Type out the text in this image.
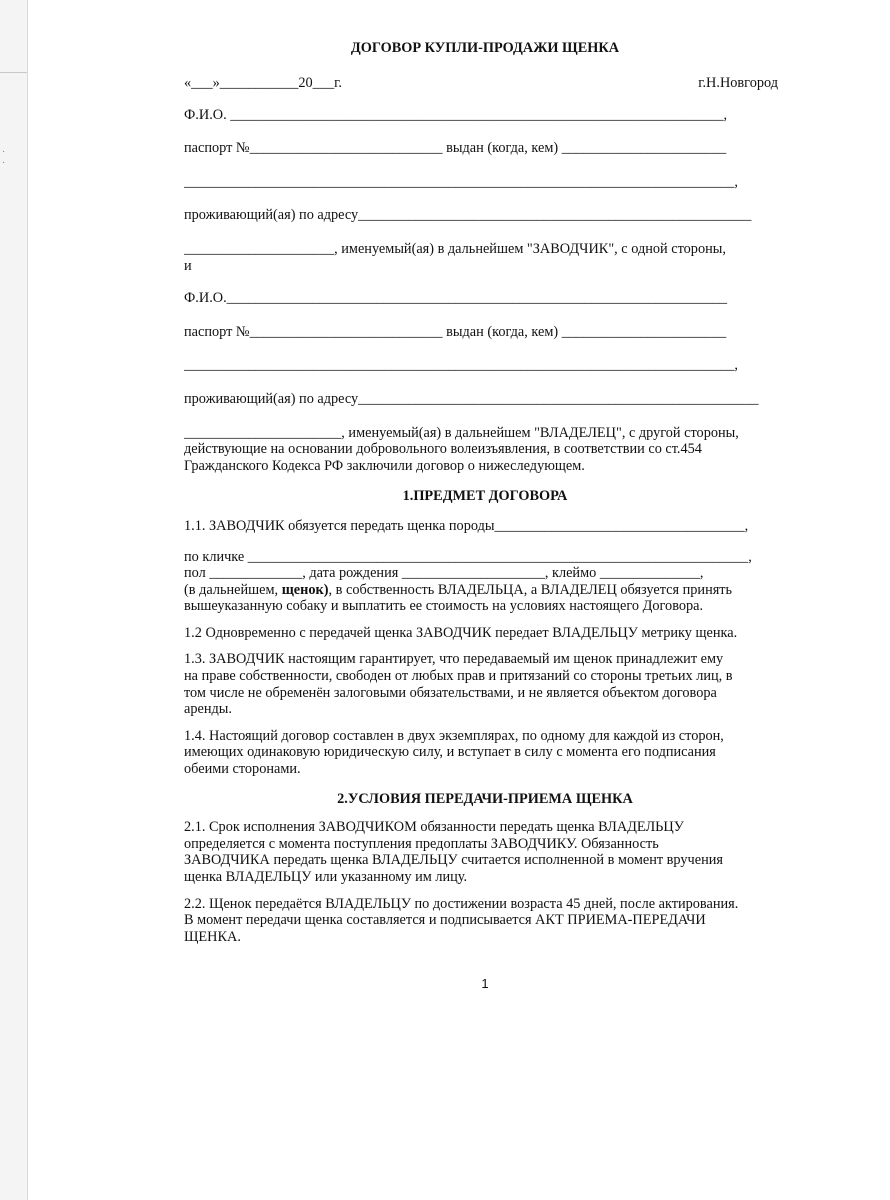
·
·

ДОГОВОР КУПЛИ-ПРОДАЖИ ЩЕНКА

«___»___________20___г.	г.Н.Новгород
Ф.И.О. _____________________________________________________________________,
паспорт №___________________________ выдан (когда, кем) _______________________
_____________________________________________________________________________,
проживающий(ая) по адресу_______________________________________________________
_____________________, именуемый(ая) в дальнейшем "ЗАВОДЧИК", с одной стороны,
и
Ф.И.О.______________________________________________________________________
паспорт №___________________________ выдан (когда, кем) _______________________
_____________________________________________________________________________,
проживающий(ая) по адресу________________________________________________________
______________________, именуемый(ая) в дальнейшем "ВЛАДЕЛЕЦ", с другой стороны,
действующие на основании добровольного волеизъявления, в соответствии со ст.454
Гражданского Кодекса РФ заключили договор о нижеследующем.

1.ПРЕДМЕТ ДОГОВОРА

1.1. ЗАВОДЧИК обязуется передать щенка породы___________________________________,
по кличке ______________________________________________________________________,
пол _____________, дата рождения ____________________, клеймо ______________,
(в дальнейшем, щенок), в собственность ВЛАДЕЛЬЦА, а ВЛАДЕЛЕЦ обязуется принять
вышеуказанную собаку и выплатить ее стоимость на условиях настоящего Договора.
1.2 Одновременно с передачей щенка ЗАВОДЧИК передает ВЛАДЕЛЬЦУ метрику щенка.
1.3. ЗАВОДЧИК настоящим гарантирует, что передаваемый им щенок принадлежит ему
на праве собственности, свободен от любых прав и притязаний со стороны третьих лиц, в
том числе не обременён залоговыми обязательствами, и не является объектом договора
аренды.
1.4. Настоящий договор составлен в двух экземплярах, по одному для каждой из сторон,
имеющих одинаковую юридическую силу, и вступает в силу с момента его подписания
обеими сторонами.

2.УСЛОВИЯ ПЕРЕДАЧИ-ПРИЕМА ЩЕНКА

2.1. Срок исполнения ЗАВОДЧИКОМ обязанности передать щенка ВЛАДЕЛЬЦУ
определяется с момента поступления предоплаты ЗАВОДЧИКУ. Обязанность
ЗАВОДЧИКА передать щенка ВЛАДЕЛЬЦУ считается исполненной в момент вручения
щенка ВЛАДЕЛЬЦУ или указанному им лицу.
2.2. Щенок передаётся ВЛАДЕЛЬЦУ по достижении возраста 45 дней, после актирования.
В момент передачи щенка составляется и подписывается АКТ ПРИЕМА-ПЕРЕДАЧИ
ЩЕНКА.
1
